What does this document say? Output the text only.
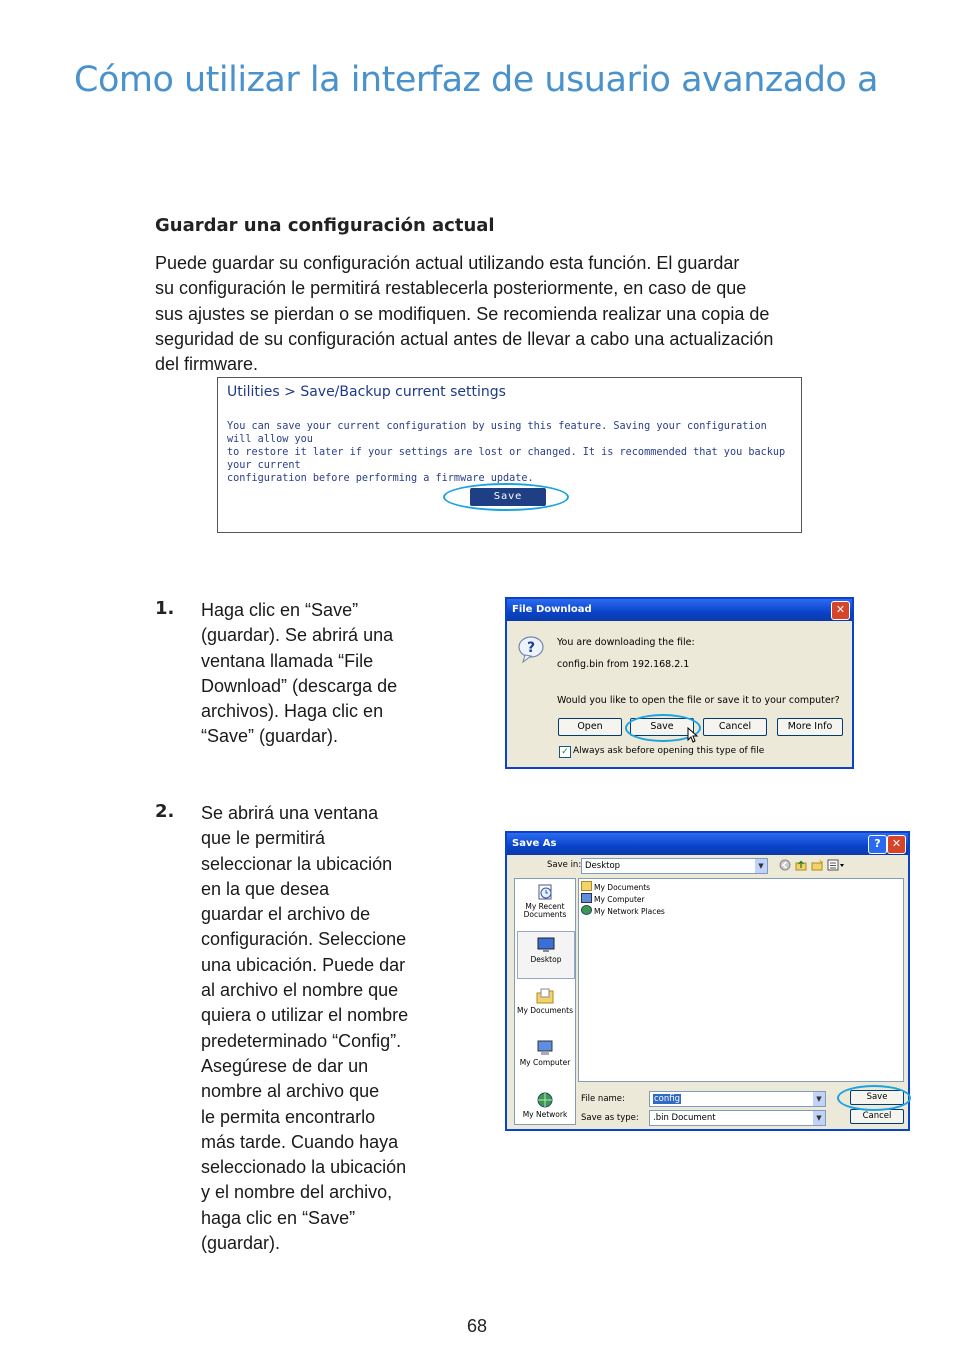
Cómo utilizar la interfaz de usuario avanzado a
Guardar una configuración actual
Puede guardar su configuración actual utilizando esta función. El guardar
su configuración le permitirá restablecerla posteriormente, en caso de que
sus ajustes se pierdan o se modifiquen. Se recomienda realizar una copia de
seguridad de su configuración actual antes de llevar a cabo una actualización
del firmware.
Utilities > Save/Backup current settings
You can save your current configuration by using this feature. Saving your configuration will allow you
to restore it later if your settings are lost or changed. It is recommended that you backup your current
configuration before performing a firmware update.
Save
1. Haga clic en “Save”
(guardar). Se abrirá una
ventana llamada “File
Download” (descarga de
archivos). Haga clic en
“Save” (guardar).
File Download	✕
? You are downloading the file:
config.bin from 192.168.2.1
Would you like to open the file or save it to your computer?
Open	Save	Cancel	More Info
✓ Always ask before opening this type of file
2. Se abrirá una ventana
que le permitirá
seleccionar la ubicación
en la que desea
guardar el archivo de
configuración. Seleccione
una ubicación. Puede dar
al archivo el nombre que
quiera o utilizar el nombre
predeterminado “Config”.
Asegúrese de dar un
nombre al archivo que
le permita encontrarlo
más tarde. Cuando haya
seleccionado la ubicación
y el nombre del archivo,
haga clic en “Save”
(guardar).
Save As	?	✕
Save in: Desktop	▼
My Recent Documents
Desktop
My Documents
My Computer
My Network
My Documents
My Computer
My Network Places
File name:	config	▼
Save as type:	.bin Document	▼
Save
Cancel
68
